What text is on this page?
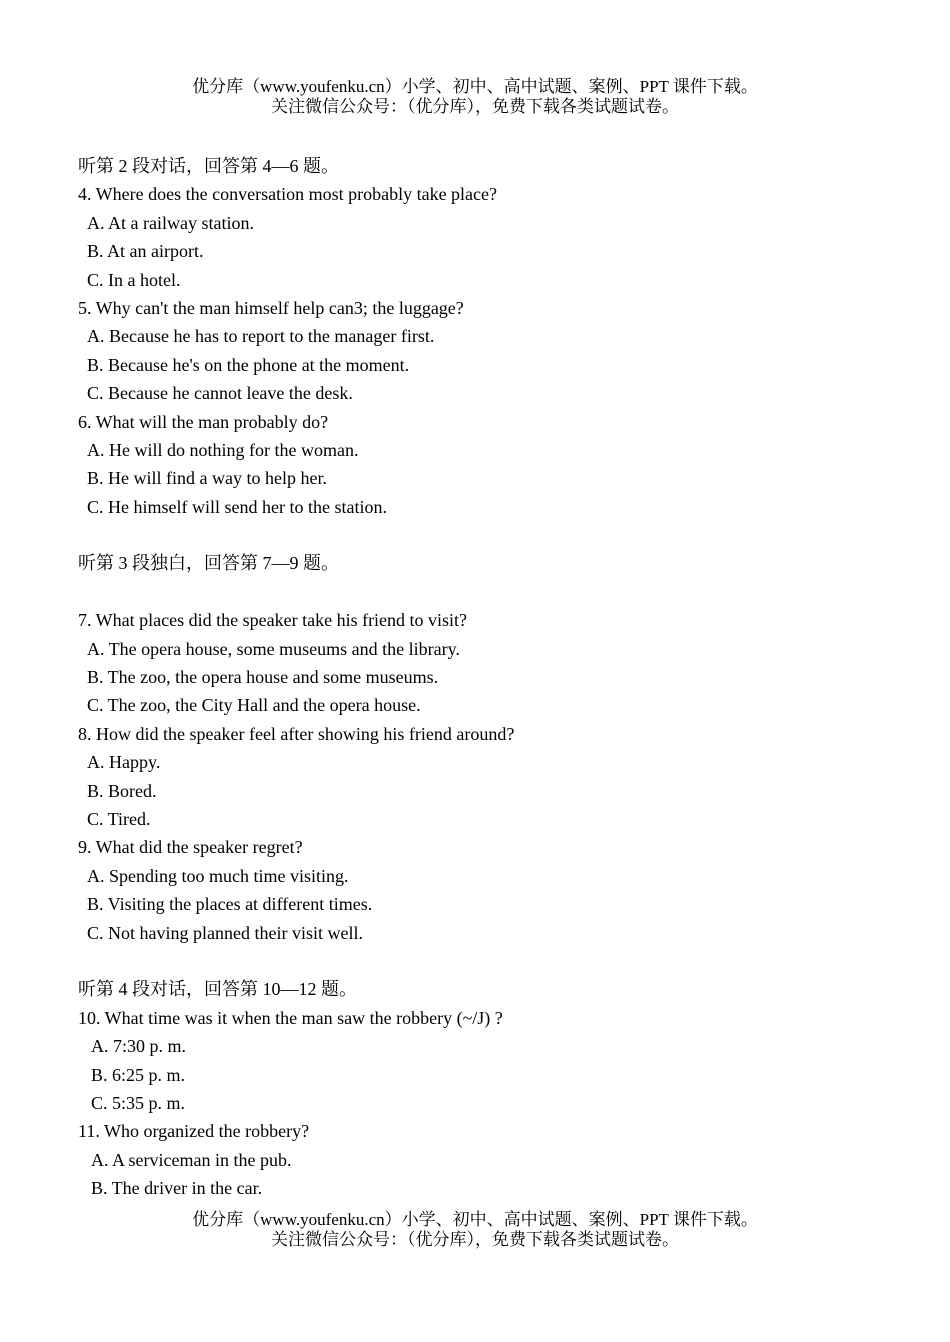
优分库（www.youfenku.cn）小学、初中、高中试题、案例、PPT 课件下载。
关注微信公众号：（优分库），免费下载各类试题试卷。
听第 2 段对话，回答第 4—6 题。
4. Where does the conversation most probably take place?
A. At a railway station.
B. At an airport.
C. In a hotel.
5. Why can't the man himself help can3; the luggage?
A. Because he has to report to the manager first.
B. Because he's on the phone at the moment.
C. Because he cannot leave the desk.
6. What will the man probably do?
A. He will do nothing for the woman.
B. He will find a way to help her.
C. He himself will send her to the station.
听第 3 段独白，回答第 7—9 题。
7. What places did the speaker take his friend to visit?
A. The opera house, some museums and the library.
B. The zoo, the opera house and some museums.
C. The zoo, the City Hall and the opera house.
8. How did the speaker feel after showing his friend around?
A. Happy.
B. Bored.
C. Tired.
9. What did the speaker regret?
A. Spending too much time visiting.
B. Visiting the places at different times.
C. Not having planned their visit well.
听第 4 段对话，回答第 10—12 题。
10. What time was it when the man saw the robbery (~/J) ?
A. 7:30 p. m.
B. 6:25 p. m.
C. 5:35 p. m.
11. Who organized the robbery?
A. A serviceman in the pub.
B. The driver in the car.
优分库（www.youfenku.cn）小学、初中、高中试题、案例、PPT 课件下载。
关注微信公众号：（优分库），免费下载各类试题试卷。
